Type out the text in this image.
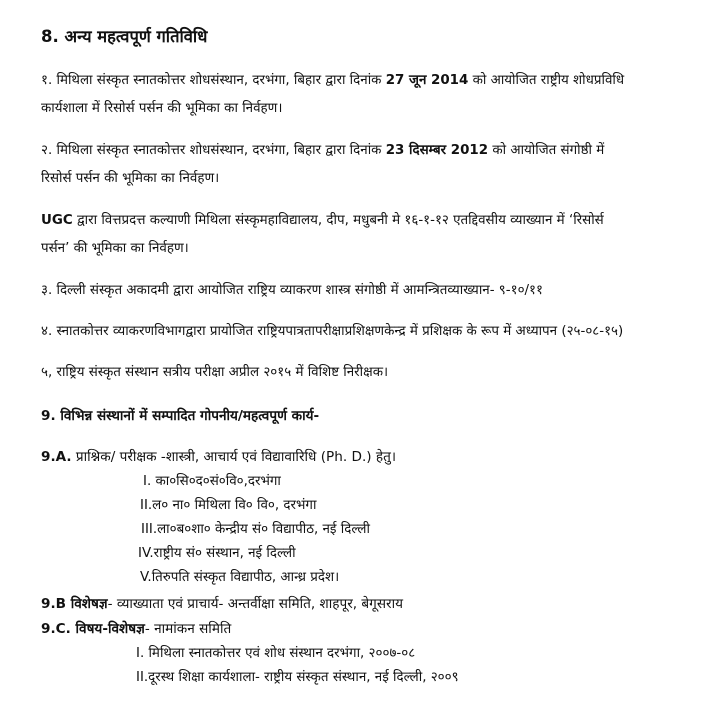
8. अन्य महत्वपूर्ण गतिविधि
१. मिथिला संस्कृत स्नातकोत्तर शोधसंस्थान, दरभंगा, बिहार द्वारा दिनांक 27 जून 2014 को आयोजित राष्ट्रीय शोधप्रविधि
कार्यशाला में रिसोर्स पर्सन की भूमिका का निर्वहण।
२. मिथिला संस्कृत स्नातकोत्तर शोधसंस्थान, दरभंगा, बिहार द्वारा दिनांक 23 दिसम्बर 2012 को आयोजित संगोष्ठी में
रिसोर्स पर्सन की भूमिका का निर्वहण।
UGC द्वारा वित्तप्रदत्त कल्याणी मिथिला संस्कृमहाविद्यालय, दीप, मधुबनी मे १६-१-१२ एतद्दिवसीय व्याख्यान में ‘रिसोर्स
पर्सन’ की भूमिका का निर्वहण।
३. दिल्ली संस्कृत अकादमी द्वारा आयोजित राष्ट्रिय व्याकरण शास्त्र संगोष्ठी में आमन्त्रितव्याख्यान- ९-१०/११
४. स्नातकोत्तर व्याकरणविभागद्वारा प्रायोजित राष्ट्रियपात्रतापरीक्षाप्रशिक्षणकेन्द्र में प्रशिक्षक के रूप में अध्यापन (२५-०८-१५)
५, राष्ट्रिय संस्कृत संस्थान सत्रीय परीक्षा अप्रील २०१५ में विशिष्ट निरीक्षक।
9. विभिन्न संस्थानों में सम्पादित गोपनीय/महत्वपूर्ण कार्य-
9.A. प्राश्निक/ परीक्षक -शास्त्री, आचार्य एवं विद्यावारिधि (Ph. D.) हेतु।
I. का०सि०द०सं०वि०,दरभंगा
II.ल० ना० मिथिला वि० वि०, दरभंगा
III.ला०ब०शा० केन्द्रीय सं० विद्यापीठ, नई दिल्ली
IV.राष्ट्रीय सं० संस्थान, नई दिल्ली
V.तिरुपति संस्कृत विद्यापीठ, आन्ध्र प्रदेश।
9.B विशेषज्ञ- व्याख्याता एवं प्राचार्य- अन्तर्वीक्षा समिति, शाहपूर, बेगूसराय
9.C. विषय-विशेषज्ञ- नामांकन समिति
I. मिथिला स्नातकोत्तर एवं शोध संस्थान दरभंगा, २००७-०८
II.दूरस्थ शिक्षा कार्यशाला- राष्ट्रीय संस्कृत संस्थान, नई दिल्ली, २००९
